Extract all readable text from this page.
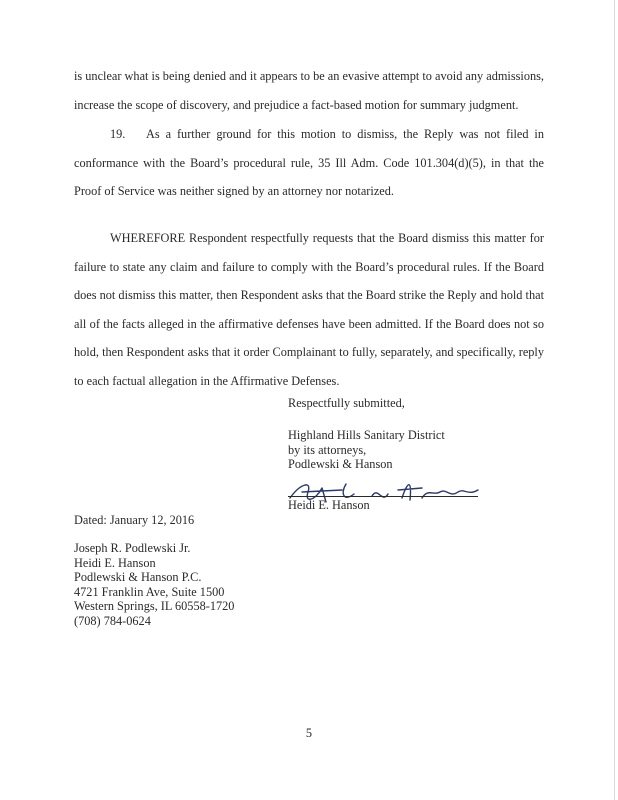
is unclear what is being denied and it appears to be an evasive attempt to avoid any admissions, increase the scope of discovery, and prejudice a fact-based motion for summary judgment.

19. As a further ground for this motion to dismiss, the Reply was not filed in conformance with the Board’s procedural rule, 35 Ill Adm. Code 101.304(d)(5), in that the Proof of Service was neither signed by an attorney nor notarized.

WHEREFORE Respondent respectfully requests that the Board dismiss this matter for failure to state any claim and failure to comply with the Board’s procedural rules. If the Board does not dismiss this matter, then Respondent asks that the Board strike the Reply and hold that all of the facts alleged in the affirmative defenses have been admitted. If the Board does not so hold, then Respondent asks that it order Complainant to fully, separately, and specifically, reply to each factual allegation in the Affirmative Defenses.

Respectfully submitted,
Highland Hills Sanitary District
by its attorneys,
Podlewski & Hanson
Heidi E. Hanson
Dated: January 12, 2016
Joseph R. Podlewski Jr.
Heidi E. Hanson
Podlewski & Hanson P.C.
4721 Franklin Ave, Suite 1500
Western Springs, IL 60558-1720
(708) 784-0624
5
